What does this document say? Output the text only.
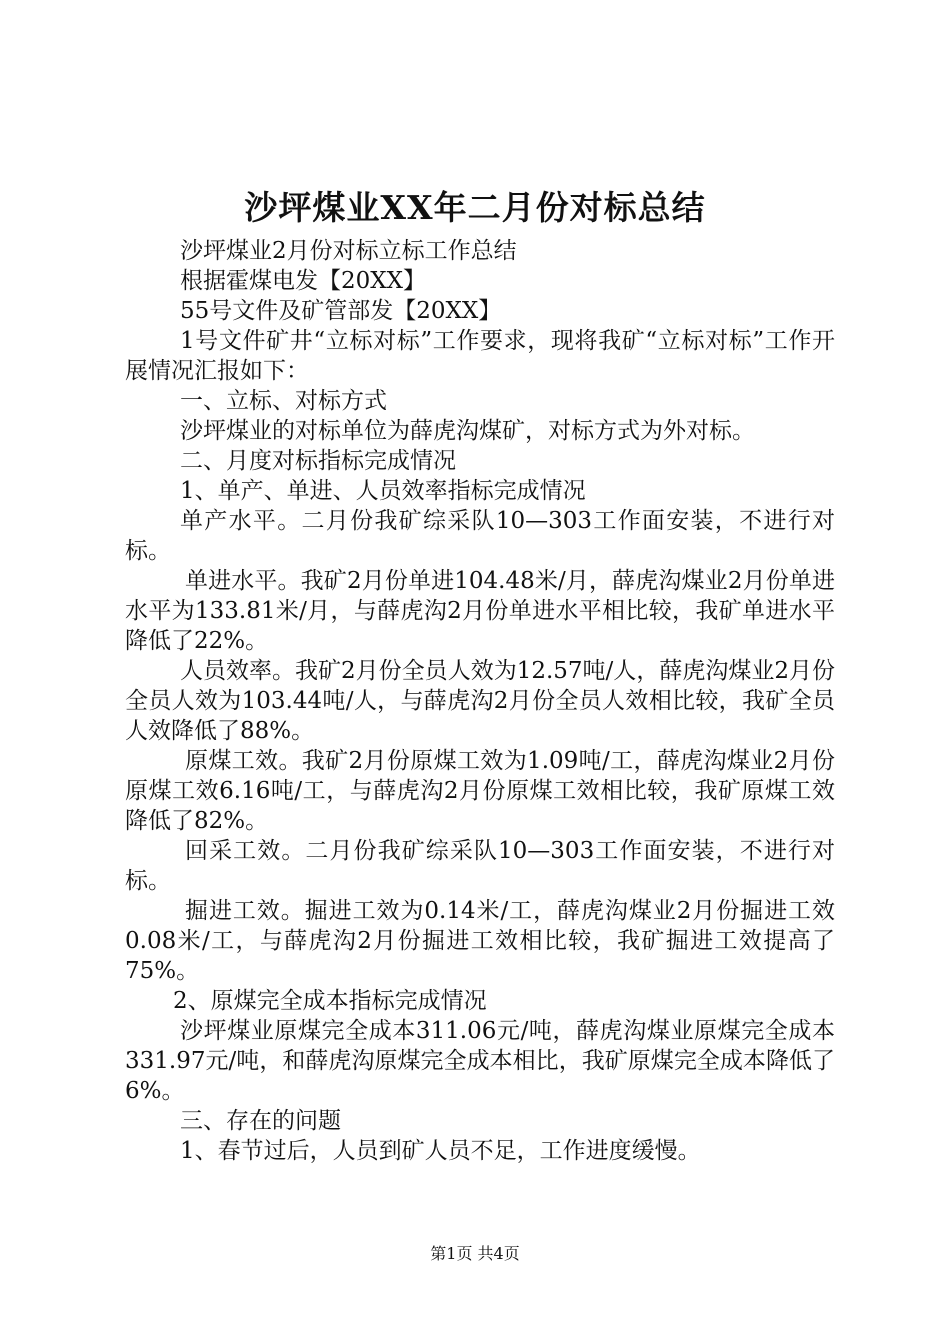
沙坪煤业XX年二月份对标总结

沙坪煤业2月份对标立标工作总结

根据霍煤电发【20XX】

55号文件及矿管部发【20XX】

1号文件矿井“立标对标”工作要求，现将我矿“立标对标”工作开展情况汇报如下：

一、立标、对标方式

沙坪煤业的对标单位为薛虎沟煤矿，对标方式为外对标。

二、月度对标指标完成情况

1、单产、单进、人员效率指标完成情况

单产水平。二月份我矿综采队10—303工作面安装，不进行对标。

单进水平。我矿2月份单进104.48米/月，薛虎沟煤业2月份单进水平为133.81米/月，与薛虎沟2月份单进水平相比较，我矿单进水平降低了22%。

人员效率。我矿2月份全员人效为12.57吨/人，薛虎沟煤业2月份全员人效为103.44吨/人，与薛虎沟2月份全员人效相比较，我矿全员人效降低了88%。

原煤工效。我矿2月份原煤工效为1.09吨/工，薛虎沟煤业2月份原煤工效6.16吨/工，与薛虎沟2月份原煤工效相比较，我矿原煤工效降低了82%。

回采工效。二月份我矿综采队10—303工作面安装，不进行对标。

掘进工效。掘进工效为0.14米/工，薛虎沟煤业2月份掘进工效0.08米/工，与薛虎沟2月份掘进工效相比较，我矿掘进工效提高了75%。

2、原煤完全成本指标完成情况

沙坪煤业原煤完全成本311.06元/吨，薛虎沟煤业原煤完全成本331.97元/吨，和薛虎沟原煤完全成本相比，我矿原煤完全成本降低了6%。

三、存在的问题

1、春节过后，人员到矿人员不足，工作进度缓慢。

第1页 共4页
